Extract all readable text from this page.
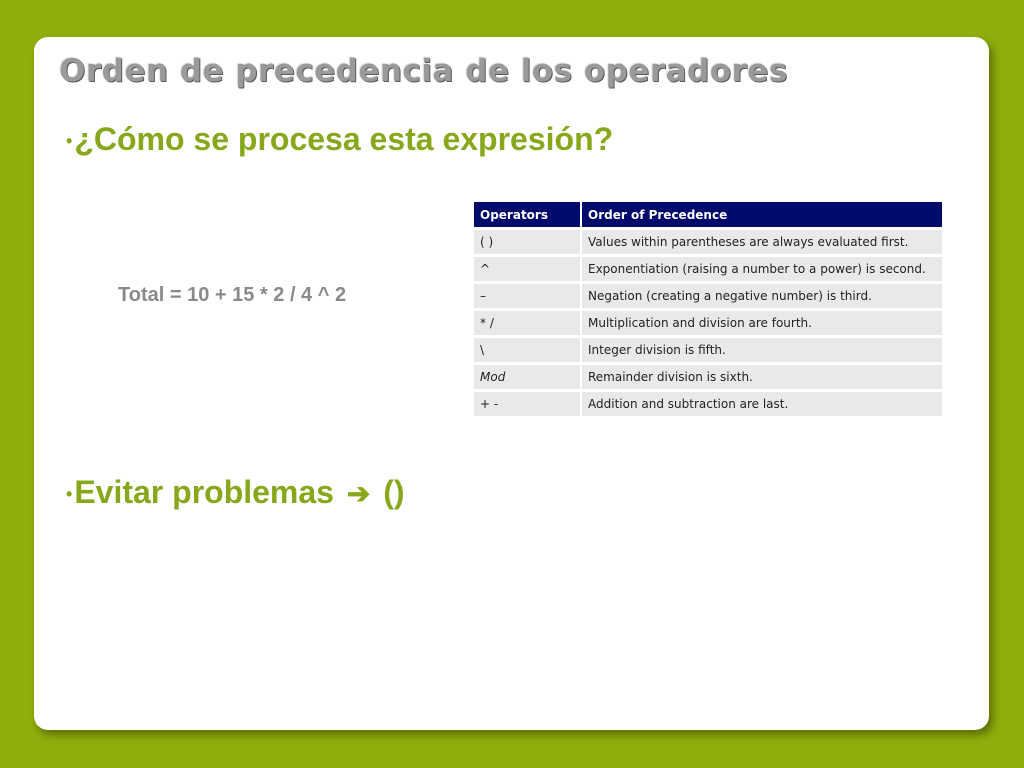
Orden de precedencia de los operadores
•¿Cómo se procesa esta expresión?
Total = 10 + 15 * 2 / 4 ^ 2
Operators	Order of Precedence
( )	Values within parentheses are always evaluated first.
^	Exponentiation (raising a number to a power) is second.
–	Negation (creating a negative number) is third.
* /	Multiplication and division are fourth.
\	Integer division is fifth.
Mod	Remainder division is sixth.
+ -	Addition and subtraction are last.
•Evitar problemas ➔ ()
